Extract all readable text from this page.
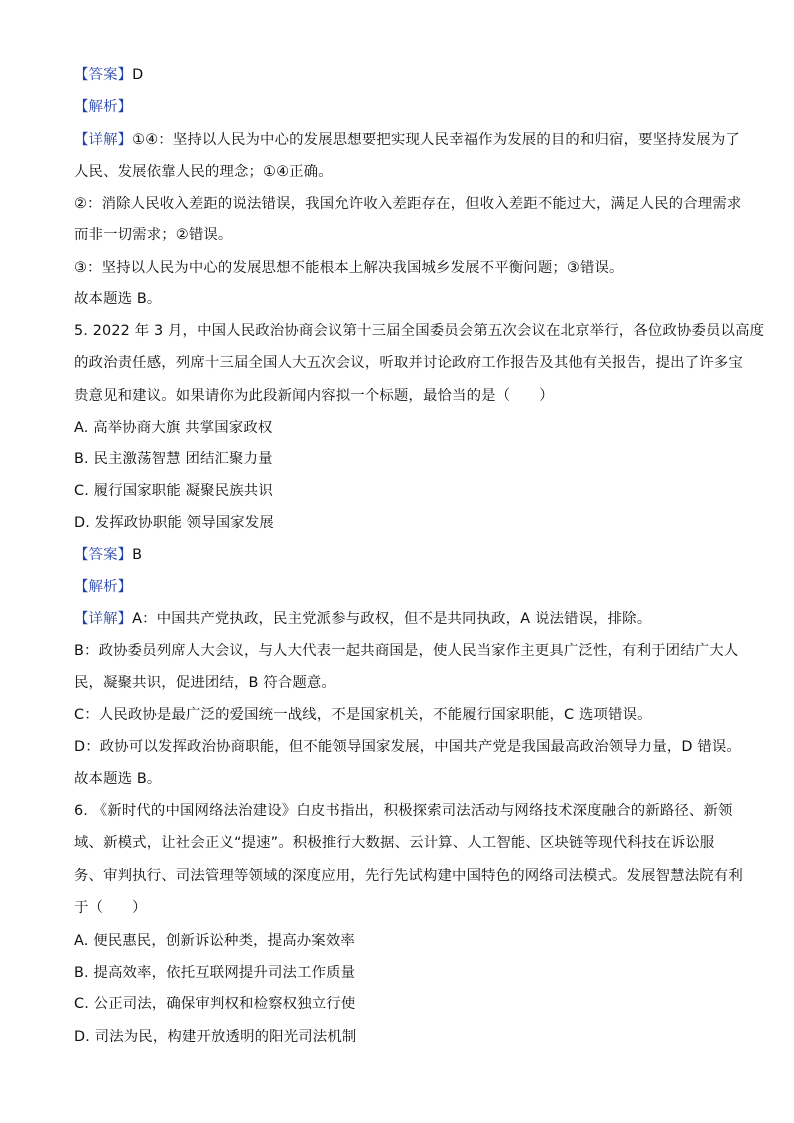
【答案】D
【解析】
【详解】①④：坚持以人民为中心的发展思想要把实现人民幸福作为发展的目的和归宿，要坚持发展为了
人民、发展依靠人民的理念；①④正确。
②：消除人民收入差距的说法错误，我国允许收入差距存在，但收入差距不能过大，满足人民的合理需求
而非一切需求；②错误。
③：坚持以人民为中心的发展思想不能根本上解决我国城乡发展不平衡问题；③错误。
故本题选 B。
5. 2022 年 3 月，中国人民政治协商会议第十三届全国委员会第五次会议在北京举行，各位政协委员以高度
的政治责任感，列席十三届全国人大五次会议，听取并讨论政府工作报告及其他有关报告，提出了许多宝
贵意见和建议。如果请你为此段新闻内容拟一个标题，最恰当的是（　　）
A. 高举协商大旗 共掌国家政权
B. 民主激荡智慧 团结汇聚力量
C. 履行国家职能 凝聚民族共识
D. 发挥政协职能 领导国家发展
【答案】B
【解析】
【详解】A：中国共产党执政，民主党派参与政权，但不是共同执政，A 说法错误，排除。
B：政协委员列席人大会议，与人大代表一起共商国是，使人民当家作主更具广泛性，有利于团结广大人
民，凝聚共识，促进团结，B 符合题意。
C：人民政协是最广泛的爱国统一战线，不是国家机关，不能履行国家职能，C 选项错误。
D：政协可以发挥政治协商职能，但不能领导国家发展，中国共产党是我国最高政治领导力量，D 错误。
故本题选 B。
6. 《新时代的中国网络法治建设》白皮书指出，积极探索司法活动与网络技术深度融合的新路径、新领
域、新模式，让社会正义“提速”。积极推行大数据、云计算、人工智能、区块链等现代科技在诉讼服
务、审判执行、司法管理等领域的深度应用，先行先试构建中国特色的网络司法模式。发展智慧法院有利
于（　　）
A. 便民惠民，创新诉讼种类，提高办案效率
B. 提高效率，依托互联网提升司法工作质量
C. 公正司法，确保审判权和检察权独立行使
D. 司法为民，构建开放透明的阳光司法机制
